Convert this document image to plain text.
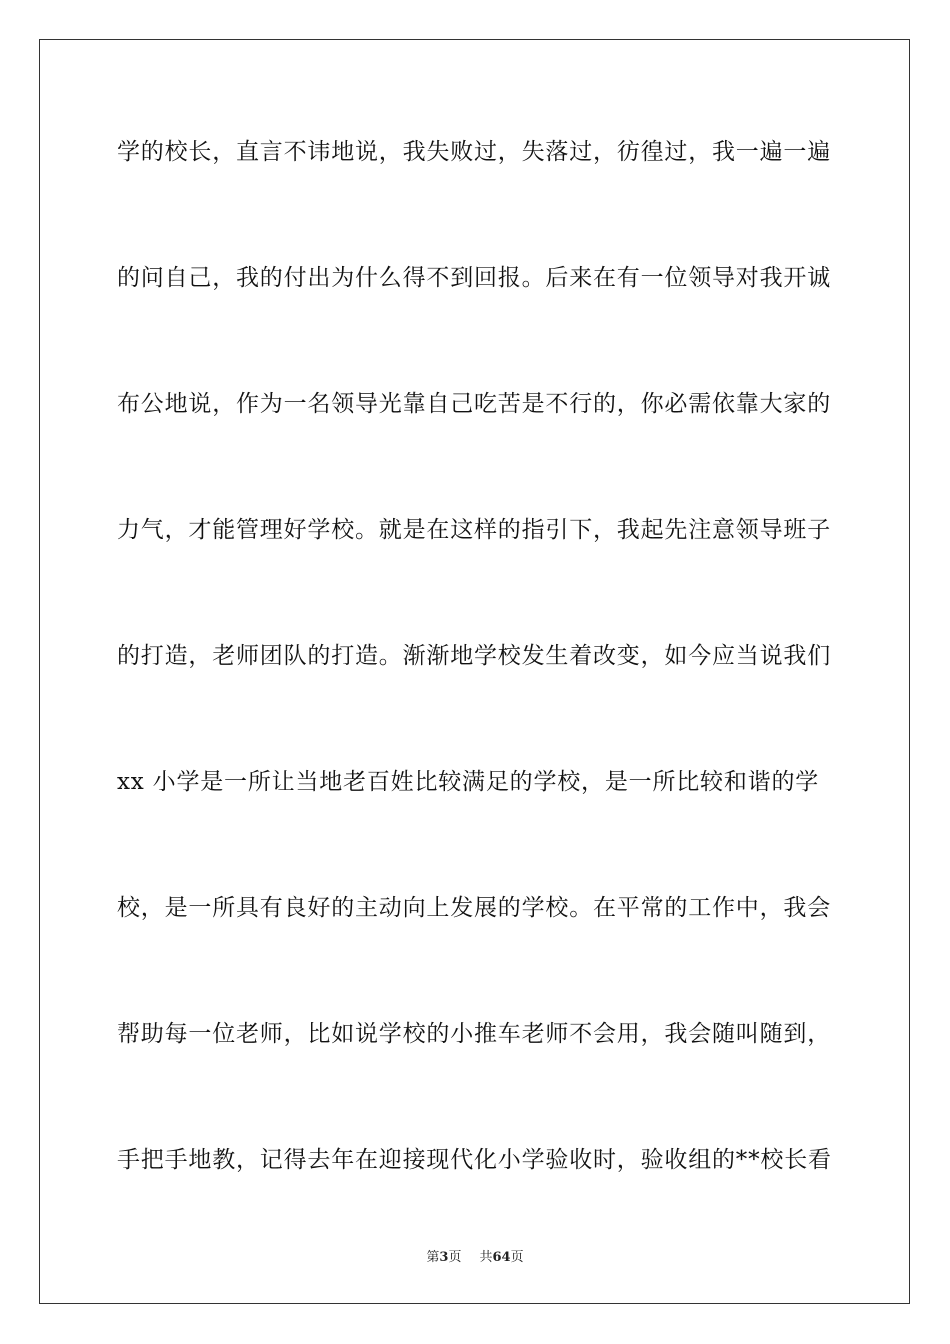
学的校长，直言不讳地说，我失败过，失落过，彷徨过，我一遍一遍
的问自己，我的付出为什么得不到回报。后来在有一位领导对我开诚
布公地说，作为一名领导光靠自己吃苦是不行的，你必需依靠大家的
力气，才能管理好学校。就是在这样的指引下，我起先注意领导班子
的打造，老师团队的打造。渐渐地学校发生着改变，如今应当说我们
xx 小学是一所让当地老百姓比较满足的学校，是一所比较和谐的学
校，是一所具有良好的主动向上发展的学校。在平常的工作中，我会
帮助每一位老师，比如说学校的小推车老师不会用，我会随叫随到，
手把手地教，记得去年在迎接现代化小学验收时，验收组的**校长看
第3页 共64页
